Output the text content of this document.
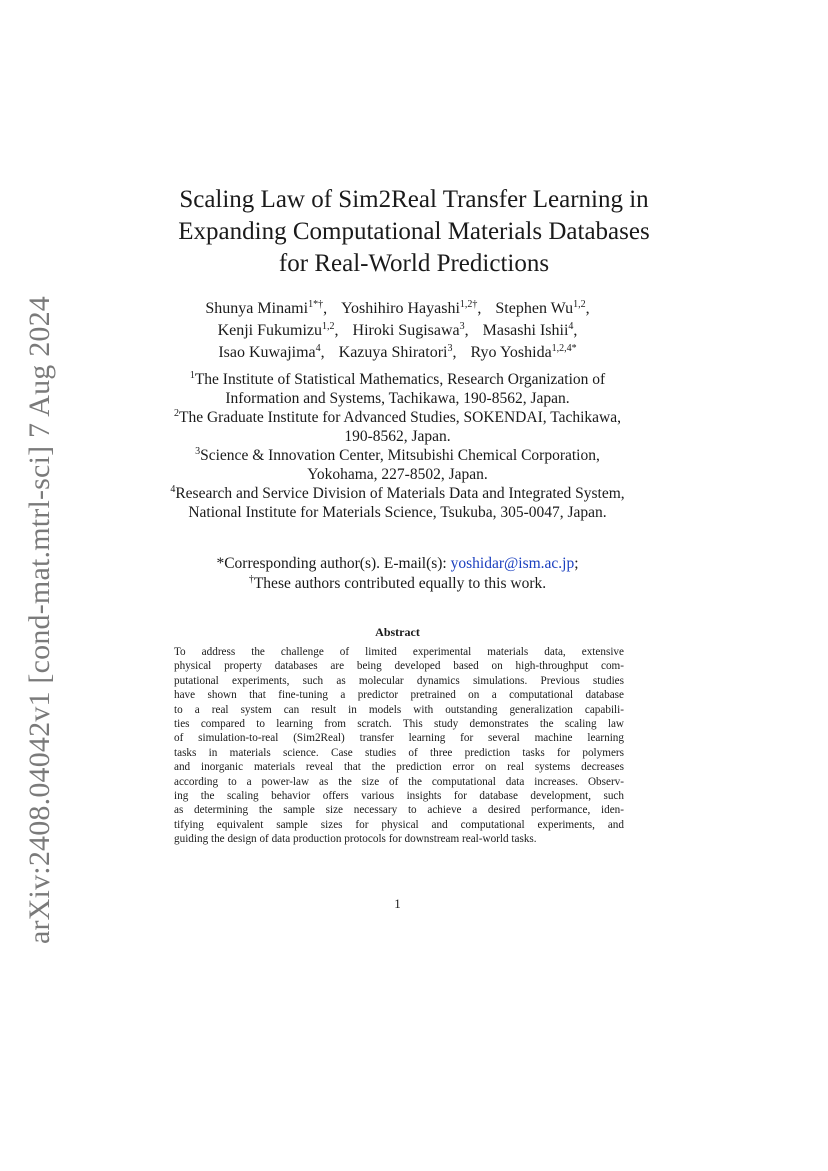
arXiv:2408.04042v1 [cond-mat.mtrl-sci] 7 Aug 2024
Scaling Law of Sim2Real Transfer Learning in
Expanding Computational Materials Databases
for Real-World Predictions
Shunya Minami$^{1*\dagger}$, Yoshihiro Hayashi$^{1,2\dagger}$, Stephen Wu$^{1,2}$,
Kenji Fukumizu$^{1,2}$, Hiroki Sugisawa$^3$, Masashi Ishii$^4$,
Isao Kuwajima$^4$, Kazuya Shiratori$^3$, Ryo Yoshida$^{1,2,4*}$
$^1$The Institute of Statistical Mathematics, Research Organization of
Information and Systems, Tachikawa, 190-8562, Japan.
$^2$The Graduate Institute for Advanced Studies, SOKENDAI, Tachikawa,
190-8562, Japan.
$^3$Science & Innovation Center, Mitsubishi Chemical Corporation,
Yokohama, 227-8502, Japan.
$^4$Research and Service Division of Materials Data and Integrated System,
National Institute for Materials Science, Tsukuba, 305-0047, Japan.
*Corresponding author(s). E-mail(s): yoshidar@ism.ac.jp;
†These authors contributed equally to this work.
Abstract
To address the challenge of limited experimental materials data, extensive
physical property databases are being developed based on high-throughput com-
putational experiments, such as molecular dynamics simulations. Previous studies
have shown that fine-tuning a predictor pretrained on a computational database
to a real system can result in models with outstanding generalization capabili-
ties compared to learning from scratch. This study demonstrates the scaling law
of simulation-to-real (Sim2Real) transfer learning for several machine learning
tasks in materials science. Case studies of three prediction tasks for polymers
and inorganic materials reveal that the prediction error on real systems decreases
according to a power-law as the size of the computational data increases. Observ-
ing the scaling behavior offers various insights for database development, such
as determining the sample size necessary to achieve a desired performance, iden-
tifying equivalent sample sizes for physical and computational experiments, and
guiding the design of data production protocols for downstream real-world tasks.
1
